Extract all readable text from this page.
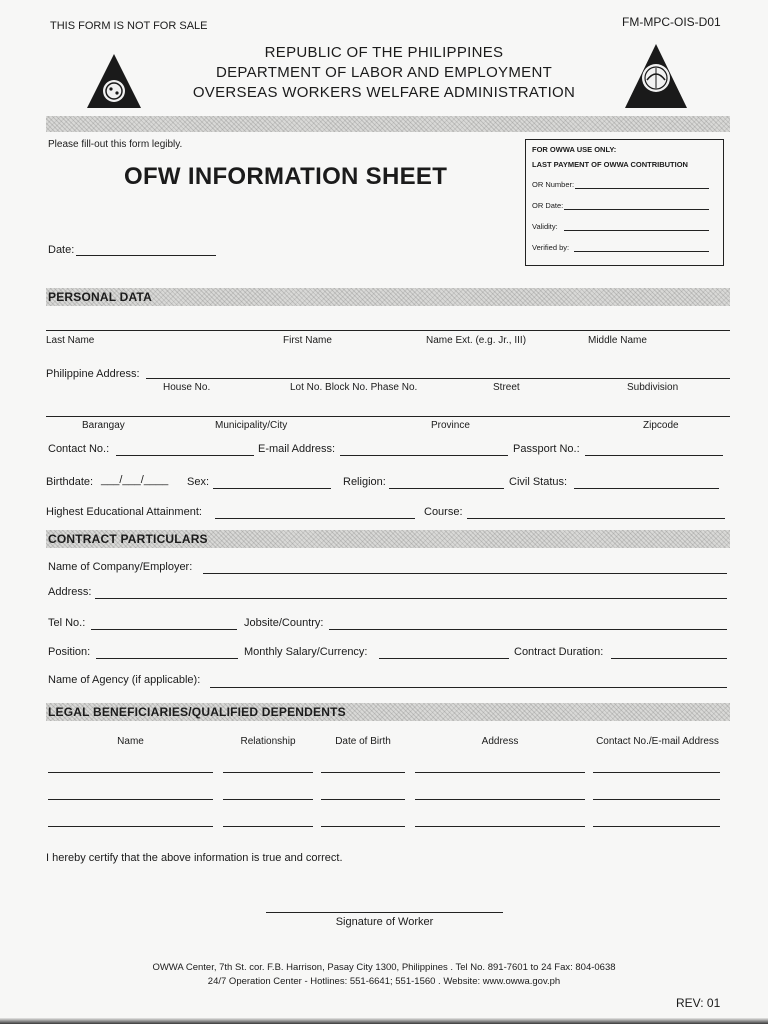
THIS FORM IS NOT FOR SALE	FM-MPC-OIS-D01
REPUBLIC OF THE PHILIPPINES
DEPARTMENT OF LABOR AND EMPLOYMENT
OVERSEAS WORKERS WELFARE ADMINISTRATION
Please fill-out this form legibly.
OFW INFORMATION SHEET
Date:
FOR OWWA USE ONLY:
LAST PAYMENT OF OWWA CONTRIBUTION
OR Number:
OR Date:
Validity:
Verified by:
PERSONAL DATA
Last Name	First Name	Name Ext. (e.g. Jr., III)	Middle Name
Philippine Address:
House No.	Lot No. Block No. Phase No.	Street	Subdivision
Barangay	Municipality/City	Province	Zipcode
Contact No.:	E-mail Address:	Passport No.:
Birthdate: ___/___/____ Sex:	Religion:	Civil Status:
Highest Educational Attainment:	Course:
CONTRACT PARTICULARS
Name of Company/Employer:
Address:
Tel No.:	Jobsite/Country:
Position:	Monthly Salary/Currency:	Contract Duration:
Name of Agency (if applicable):
LEGAL BENEFICIARIES/QUALIFIED DEPENDENTS
Name	Relationship	Date of Birth	Address	Contact No./E-mail Address
I hereby certify that the above information is true and correct.
Signature of Worker
OWWA Center, 7th St. cor. F.B. Harrison, Pasay City 1300, Philippines . Tel No. 891-7601 to 24 Fax: 804-0638
24/7 Operation Center - Hotlines: 551-6641; 551-1560 . Website: www.owwa.gov.ph
REV: 01
